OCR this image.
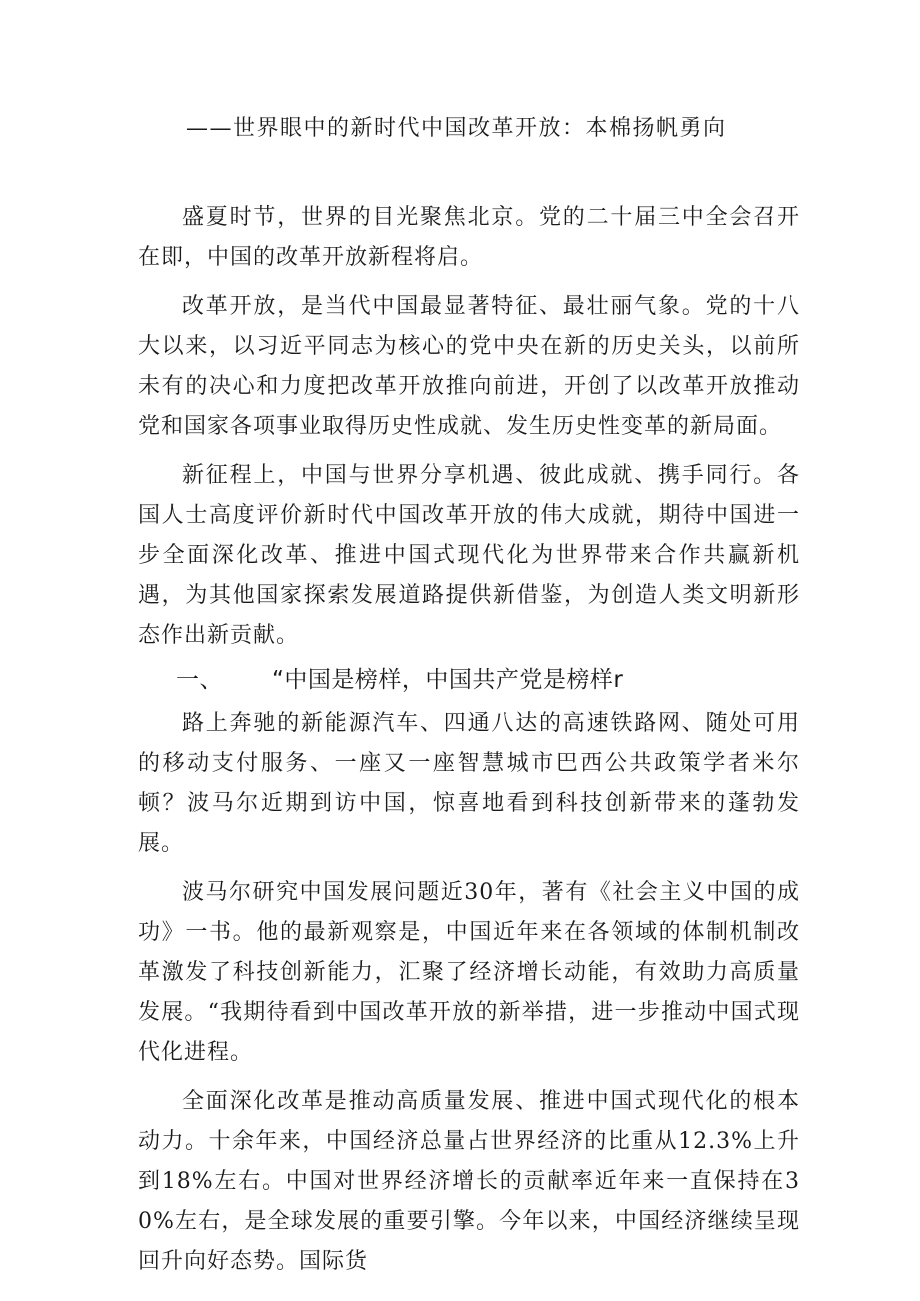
——世界眼中的新时代中国改革开放：本棉扬帆勇向

盛夏时节，世界的目光聚焦北京。党的二十届三中全会召开在即，中国的改革开放新程将启。

改革开放，是当代中国最显著特征、最壮丽气象。党的十八大以来，以习近平同志为核心的党中央在新的历史关头，以前所未有的决心和力度把改革开放推向前进，开创了以改革开放推动党和国家各项事业取得历史性成就、发生历史性变革的新局面。

新征程上，中国与世界分享机遇、彼此成就、携手同行。各国人士高度评价新时代中国改革开放的伟大成就，期待中国进一步全面深化改革、推进中国式现代化为世界带来合作共赢新机遇，为其他国家探索发展道路提供新借鉴，为创造人类文明新形态作出新贡献。

一、 “中国是榜样，中国共产党是榜样r

路上奔驰的新能源汽车、四通八达的高速铁路网、随处可用的移动支付服务、一座又一座智慧城市巴西公共政策学者米尔顿？波马尔近期到访中国，惊喜地看到科技创新带来的蓬勃发展。

波马尔研究中国发展问题近30年，著有《社会主义中国的成功》一书。他的最新观察是，中国近年来在各领域的体制机制改革激发了科技创新能力，汇聚了经济增长动能，有效助力高质量发展。“我期待看到中国改革开放的新举措，进一步推动中国式现代化进程。

全面深化改革是推动高质量发展、推进中国式现代化的根本动力。十余年来，中国经济总量占世界经济的比重从12.3%上升到18%左右。中国对世界经济增长的贡献率近年来一直保持在30%左右，是全球发展的重要引擎。今年以来，中国经济继续呈现回升向好态势。国际货
